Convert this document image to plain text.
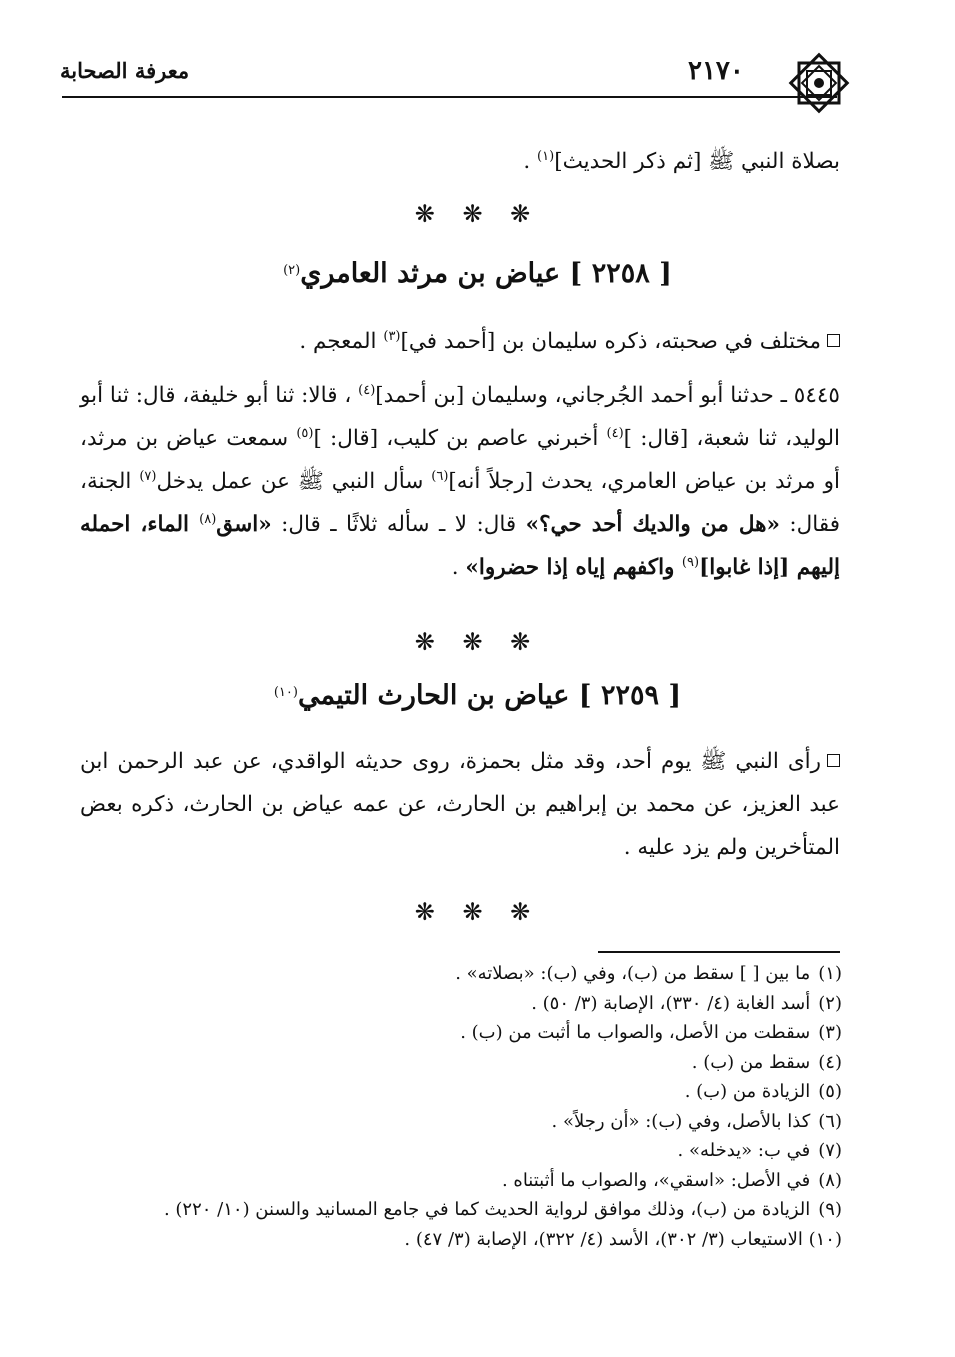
معرفة الصحابة	٢١٧٠
بصلاة النبي ﷺ [ثم ذكر الحديث]$^{(١)}$ .
❋ ❋ ❋
[ ٢٢٥٨ ] عياض بن مرثد العامري$^{(٢)}$
مختلف في صحبته، ذكره سليمان بن [أحمد في]$^{(٣)}$ المعجم .
٥٤٤٥ ـ حدثنا أبو أحمد الجُرجاني، وسليمان [بن أحمد]$^{(٤)}$ ، قالا: ثنا أبو خليفة، قال: ثنا أبو الوليد، ثنا شعبة، [قال: ]$^{(٤)}$ أخبرني عاصم بن كليب، [قال: ]$^{(٥)}$ سمعت عياض بن مرثد، أو مرثد بن عياض العامري، يحدث [رجلاً أنه]$^{(٦)}$ سأل النبي ﷺ عن عمل يدخل$^{(٧)}$ الجنة، فقال: «هل من والديك أحد حي؟» قال: لا ـ سأله ثلاثًا ـ قال: «اسق$^{(٨)}$ الماء، احمله إليهم [إذا غابوا]$^{(٩)}$ واكفهم إياه إذا حضروا» .
❋ ❋ ❋
[ ٢٢٥٩ ] عياض بن الحارث التيمي$^{(١٠)}$
رأى النبي ﷺ يوم أحد، وقد مثل بحمزة، روى حديثه الواقدي، عن عبد الرحمن ابن عبد العزيز، عن محمد بن إبراهيم بن الحارث، عن عمه عياض بن الحارث، ذكره بعض المتأخرين ولم يزد عليه .
❋ ❋ ❋
(١) ما بين [ ] سقط من (ب)، وفي (ب): «بصلاته» .
(٢) أسد الغابة (٤/ ٣٣٠)، الإصابة (٣/ ٥٠) .
(٣) سقطت من الأصل، والصواب ما أثبت من (ب) .
(٤) سقط من (ب) .
(٥) الزيادة من (ب) .
(٦) كذا بالأصل، وفي (ب): «أن رجلاً» .
(٧) في ب: «يدخله» .
(٨) في الأصل: «اسقي»، والصواب ما أثبتناه .
(٩) الزيادة من (ب)، وذلك موافق لرواية الحديث كما في جامع المسانيد والسنن (١٠/ ٢٢٠) .
(١٠) الاستيعاب (٣/ ٣٠٢)، الأسد (٤/ ٣٢٢)، الإصابة (٣/ ٤٧) .
